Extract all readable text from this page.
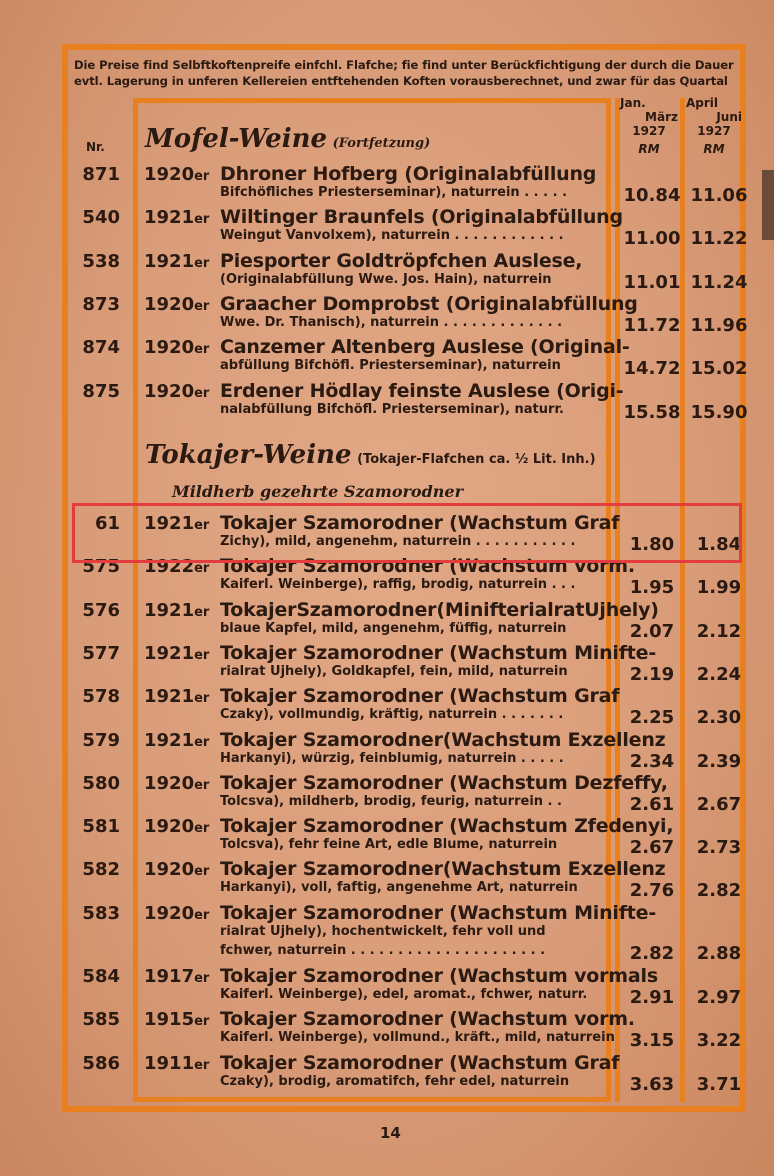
Die Preise find Selbftkoftenpreife einfchl. Flafche; fie find unter Berückfichtigung der durch die Dauer
evtl. Lagerung in unferen Kellereien entftehenden Koften vorausberechnet, und zwar für das Quartal
Nr.
Jan.
März
1927
RM
April
Juni
1927
RM
Mofel-Weine (Fortfetzung)
871 1920er Dhroner Hofberg (Originalabfüllung
Bifchöfliches Priesterseminar), naturrein . . . . .	10.84 11.06
540 1921er Wiltinger Braunfels (Originalabfüllung
Weingut Vanvolxem), naturrein . . . . . . . . . . . .	11.00 11.22
538 1921er Piesporter Goldtröpfchen Auslese,
(Originalabfüllung Wwe. Jos. Hain), naturrein	11.01 11.24
873 1920er Graacher Domprobst (Originalabfüllung
Wwe. Dr. Thanisch), naturrein . . . . . . . . . . . . .	11.72 11.96
874 1920er Canzemer Altenberg Auslese (Original-
abfüllung Bifchöfl. Priesterseminar), naturrein	14.72 15.02
875 1920er Erdener Hödlay feinste Auslese (Origi-
nalabfüllung Bifchöfl. Priesterseminar), naturr.	15.58 15.90
Tokajer-Weine (Tokajer-Flafchen ca. ½ Lit. Inh.)
Mildherb gezehrte Szamorodner
61 1921er Tokajer Szamorodner (Wachstum Graf
Zichy), mild, angenehm, naturrein . . . . . . . . . . .	1.80	1.84
575 1922er Tokajer Szamorodner (Wachstum vorm.
Kaiferl. Weinberge), raffig, brodig, naturrein . . .	1.95	1.99
576 1921er TokajerSzamorodner(MinifterialratUjhely)
blaue Kapfel, mild, angenehm, füffig, naturrein	2.07	2.12
577 1921er Tokajer Szamorodner (Wachstum Minifte-
rialrat Ujhely), Goldkapfel, fein, mild, naturrein	2.19	2.24
578 1921er Tokajer Szamorodner (Wachstum Graf
Czaky), vollmundig, kräftig, naturrein . . . . . . .	2.25	2.30
579 1921er Tokajer Szamorodner(Wachstum Exzellenz
Harkanyi), würzig, feinblumig, naturrein . . . . .	2.34	2.39
580 1920er Tokajer Szamorodner (Wachstum Dezfeffy,
Tolcsva), mildherb, brodig, feurig, naturrein . .	2.61	2.67
581 1920er Tokajer Szamorodner (Wachstum Zfedenyi,
Tolcsva), fehr feine Art, edle Blume, naturrein	2.67	2.73
582 1920er Tokajer Szamorodner(Wachstum Exzellenz
Harkanyi), voll, faftig, angenehme Art, naturrein	2.76	2.82
583 1920er Tokajer Szamorodner (Wachstum Minifte-
rialrat Ujhely), hochentwickelt, fehr voll und
fchwer, naturrein . . . . . . . . . . . . . . . . . . . . .	2.82	2.88
584 1917er Tokajer Szamorodner (Wachstum vormals
Kaiferl. Weinberge), edel, aromat., fchwer, naturr.	2.91	2.97
585 1915er Tokajer Szamorodner (Wachstum vorm.
Kaiferl. Weinberge), vollmund., kräft., mild, naturrein 3.15	3.22
586 1911er Tokajer Szamorodner (Wachstum Graf
Czaky), brodig, aromatifch, fehr edel, naturrein	3.63	3.71
14
